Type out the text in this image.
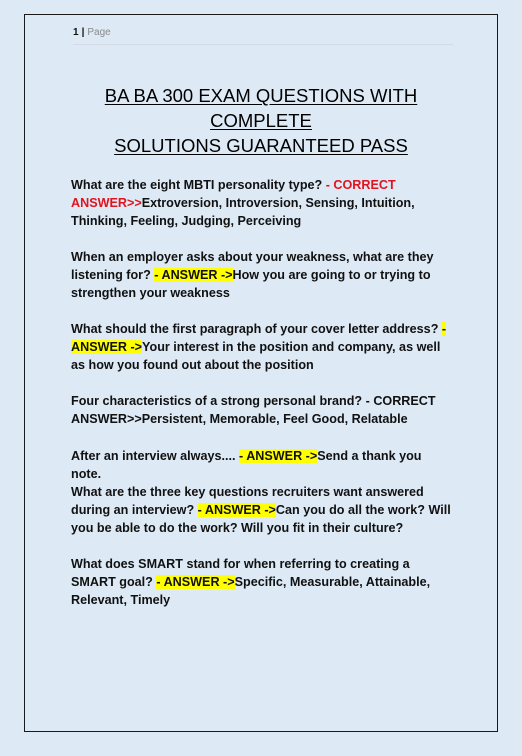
1 | Page
BA BA 300 EXAM QUESTIONS WITH COMPLETE
SOLUTIONS GUARANTEED PASS
What are the eight MBTI personality type? - CORRECT ANSWER>>Extroversion, Introversion, Sensing, Intuition, Thinking, Feeling, Judging, Perceiving
When an employer asks about your weakness, what are they listening for? - ANSWER ->How you are going to or trying to strengthen your weakness
What should the first paragraph of your cover letter address? - ANSWER ->Your interest in the position and company, as well as how you found out about the position
Four characteristics of a strong personal brand? - CORRECT ANSWER>>Persistent, Memorable, Feel Good, Relatable
After an interview always.... - ANSWER ->Send a thank you note.
What are the three key questions recruiters want answered during an interview? - ANSWER ->Can you do all the work? Will you be able to do the work? Will you fit in their culture?
What does SMART stand for when referring to creating a SMART goal? - ANSWER ->Specific, Measurable, Attainable, Relevant, Timely
